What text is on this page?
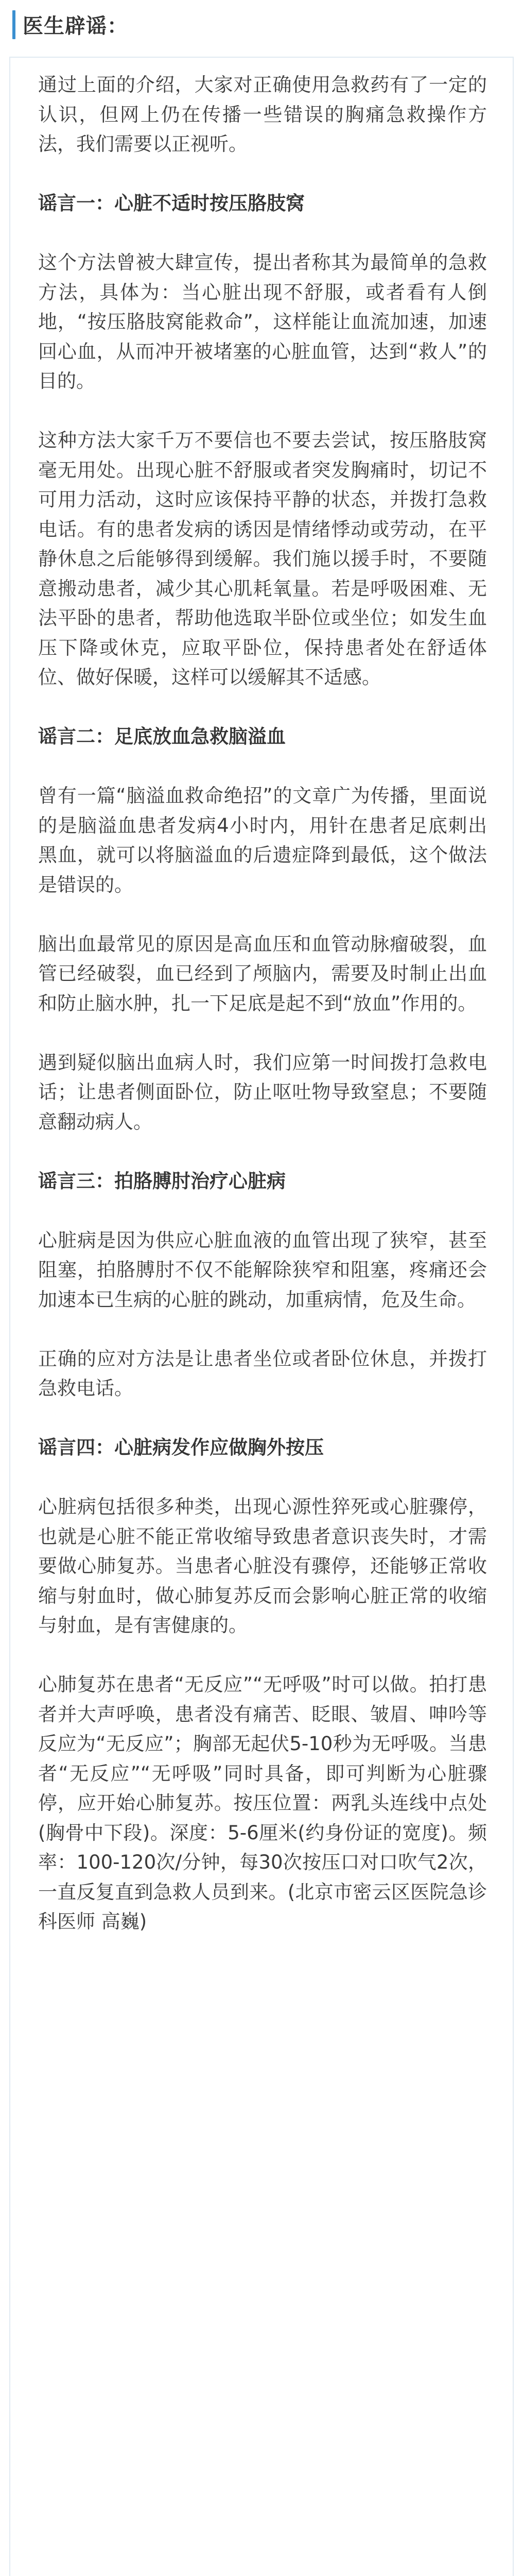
医生辟谣：

通过上面的介绍，大家对正确使用急救药有了一定的认识，但网上仍在传播一些错误的胸痛急救操作方法，我们需要以正视听。

谣言一：心脏不适时按压胳肢窝

这个方法曾被大肆宣传，提出者称其为最简单的急救方法，具体为：当心脏出现不舒服，或者看有人倒地，“按压胳肢窝能救命”，这样能让血流加速，加速回心血，从而冲开被堵塞的心脏血管，达到“救人”的目的。

这种方法大家千万不要信也不要去尝试，按压胳肢窝毫无用处。出现心脏不舒服或者突发胸痛时，切记不可用力活动，这时应该保持平静的状态，并拨打急救电话。有的患者发病的诱因是情绪悸动或劳动，在平静休息之后能够得到缓解。我们施以援手时，不要随意搬动患者，减少其心肌耗氧量。若是呼吸困难、无法平卧的患者，帮助他选取半卧位或坐位；如发生血压下降或休克，应取平卧位，保持患者处在舒适体位、做好保暖，这样可以缓解其不适感。

谣言二：足底放血急救脑溢血

曾有一篇“脑溢血救命绝招”的文章广为传播，里面说的是脑溢血患者发病4小时内，用针在患者足底刺出黑血，就可以将脑溢血的后遗症降到最低，这个做法是错误的。

脑出血最常见的原因是高血压和血管动脉瘤破裂，血管已经破裂，血已经到了颅脑内，需要及时制止出血和防止脑水肿，扎一下足底是起不到“放血”作用的。

遇到疑似脑出血病人时，我们应第一时间拨打急救电话；让患者侧面卧位，防止呕吐物导致窒息；不要随意翻动病人。

谣言三：拍胳膊肘治疗心脏病

心脏病是因为供应心脏血液的血管出现了狭窄，甚至阻塞，拍胳膊肘不仅不能解除狭窄和阻塞，疼痛还会加速本已生病的心脏的跳动，加重病情，危及生命。

正确的应对方法是让患者坐位或者卧位休息，并拨打急救电话。

谣言四：心脏病发作应做胸外按压

心脏病包括很多种类，出现心源性猝死或心脏骤停，也就是心脏不能正常收缩导致患者意识丧失时，才需要做心肺复苏。当患者心脏没有骤停，还能够正常收缩与射血时，做心肺复苏反而会影响心脏正常的收缩与射血，是有害健康的。

心肺复苏在患者“无反应”“无呼吸”时可以做。拍打患者并大声呼唤，患者没有痛苦、眨眼、皱眉、呻吟等反应为“无反应”；胸部无起伏5-10秒为无呼吸。当患者“无反应”“无呼吸”同时具备，即可判断为心脏骤停，应开始心肺复苏。按压位置：两乳头连线中点处(胸骨中下段)。深度：5-6厘米(约身份证的宽度)。频率：100-120次/分钟，每30次按压口对口吹气2次，一直反复直到急救人员到来。(北京市密云区医院急诊科医师 高巍)
